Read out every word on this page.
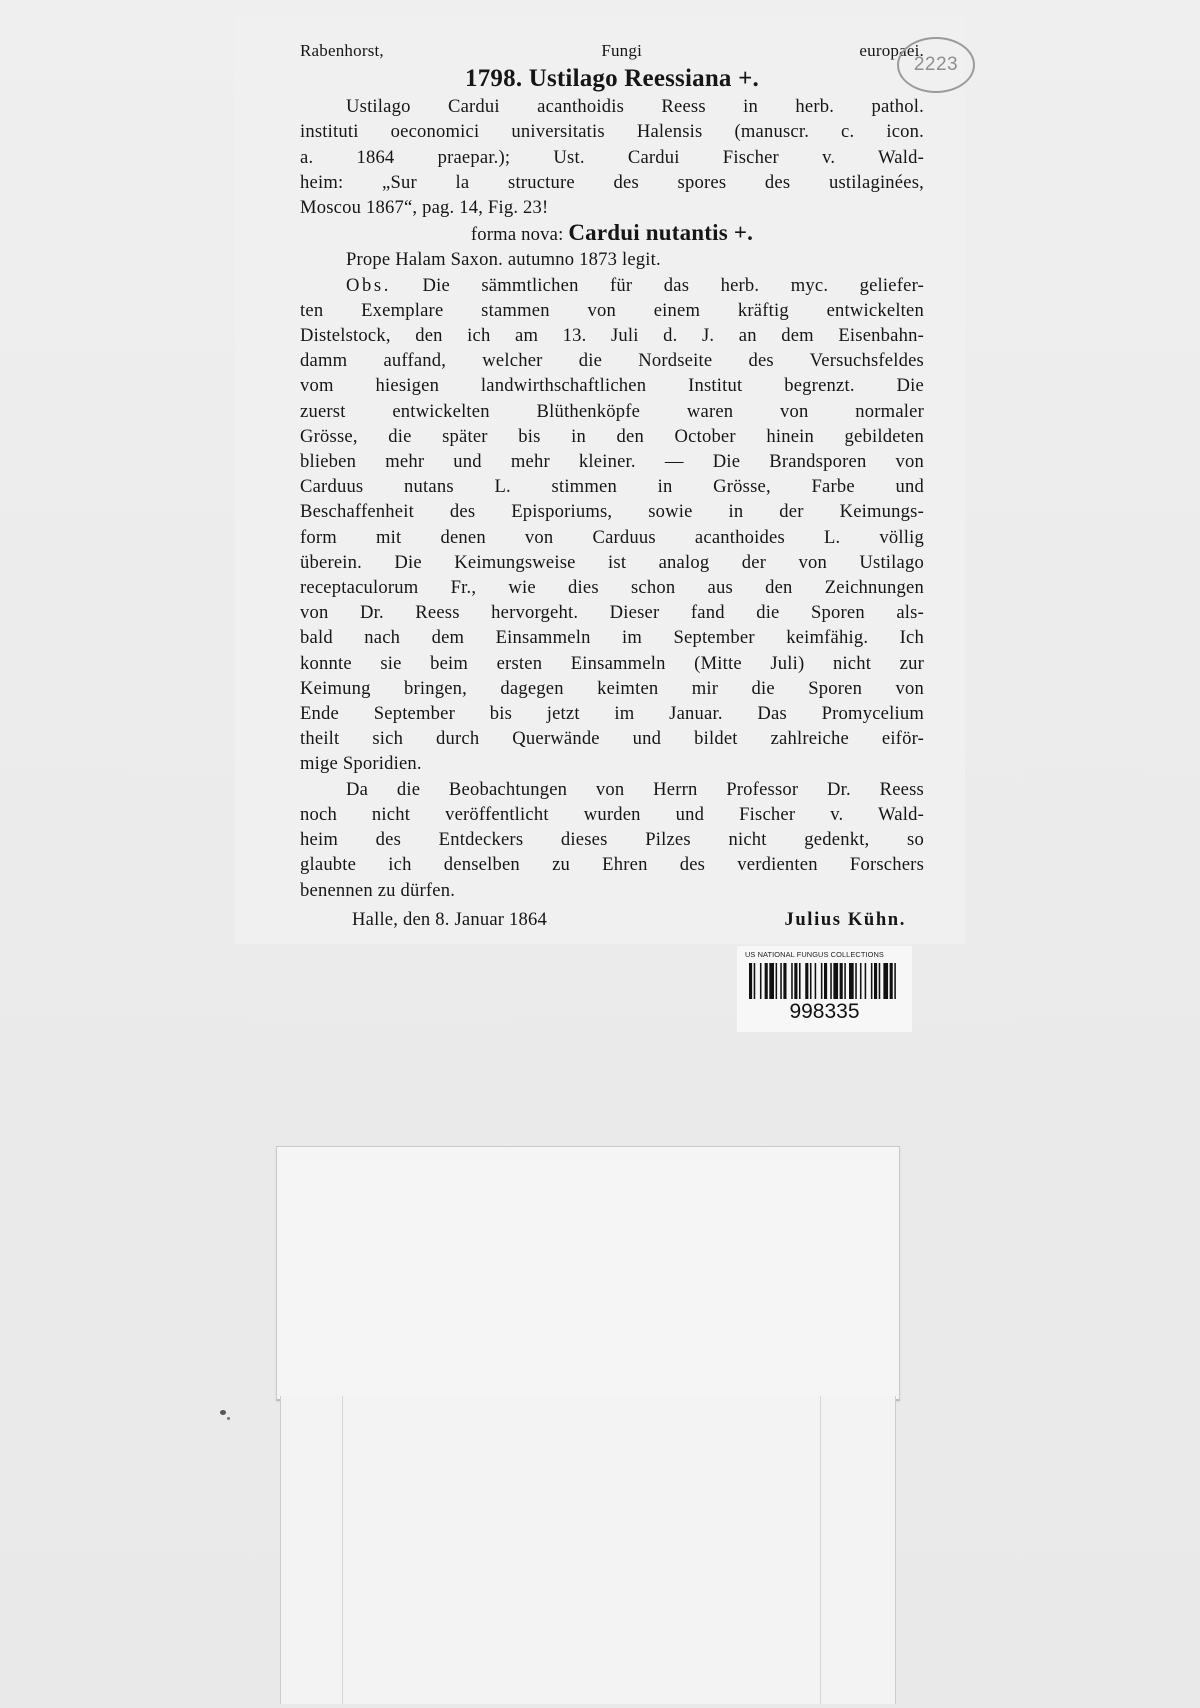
Rabenhorst, Fungi europaei.
1798. Ustilago Reessiana +.
Ustilago Cardui acanthoidis Reess in herb. pathol.
instituti oeconomici universitatis Halensis (manuscr. c. icon.
a. 1864 praepar.); Ust. Cardui Fischer v. Wald-
heim: „Sur la structure des spores des ustilaginées,
Moscou 1867“, pag. 14, Fig. 23!
forma nova: Cardui nutantis +.
Prope Halam Saxon. autumno 1873 legit.
Obs. Die sämmtlichen für das herb. myc. geliefer-
ten Exemplare stammen von einem kräftig entwickelten
Distelstock, den ich am 13. Juli d. J. an dem Eisenbahn-
damm auffand, welcher die Nordseite des Versuchsfeldes
vom hiesigen landwirthschaftlichen Institut begrenzt. Die
zuerst entwickelten Blüthenköpfe waren von normaler
Grösse, die später bis in den October hinein gebildeten
blieben mehr und mehr kleiner. — Die Brandsporen von
Carduus nutans L. stimmen in Grösse, Farbe und
Beschaffenheit des Episporiums, sowie in der Keimungs-
form mit denen von Carduus acanthoides L. völlig
überein. Die Keimungsweise ist analog der von Ustilago
receptaculorum Fr., wie dies schon aus den Zeichnungen
von Dr. Reess hervorgeht. Dieser fand die Sporen als-
bald nach dem Einsammeln im September keimfähig. Ich
konnte sie beim ersten Einsammeln (Mitte Juli) nicht zur
Keimung bringen, dagegen keimten mir die Sporen von
Ende September bis jetzt im Januar. Das Promycelium
theilt sich durch Querwände und bildet zahlreiche eiför-
mige Sporidien.
Da die Beobachtungen von Herrn Professor Dr. Reess
noch nicht veröffentlicht wurden und Fischer v. Wald-
heim des Entdeckers dieses Pilzes nicht gedenkt, so
glaubte ich denselben zu Ehren des verdienten Forschers
benennen zu dürfen.
Halle, den 8. Januar 1864	Julius Kühn.
2223
US NATIONAL FUNGUS COLLECTIONS
998335
